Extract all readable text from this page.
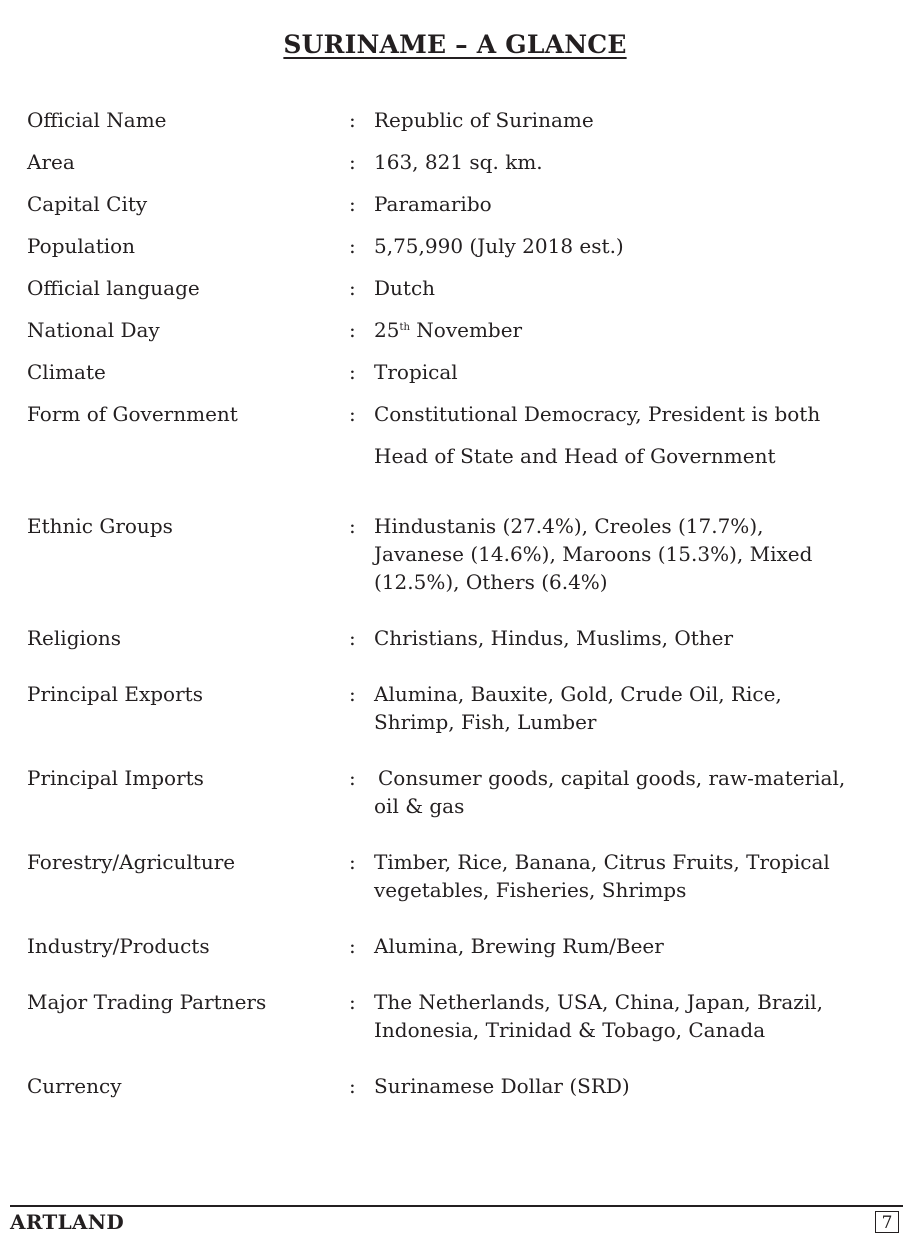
SURINAME – A GLANCE
Official Name	: Republic of Suriname
Area	: 163, 821 sq. km.
Capital City	: Paramaribo
Population	: 5,75,990 (July 2018 est.)
Official language	: Dutch
National Day	: 25th November
Climate	: Tropical
Form of Government	: Constitutional Democracy, President is both
Head of State and Head of Government
Ethnic Groups	: Hindustanis (27.4%), Creoles (17.7%),
Javanese (14.6%), Maroons (15.3%), Mixed
(12.5%), Others (6.4%)
Religions	: Christians, Hindus, Muslims, Other
Principal Exports	: Alumina, Bauxite, Gold, Crude Oil, Rice,
Shrimp, Fish, Lumber
Principal Imports	: Consumer goods, capital goods, raw-material,
oil & gas
Forestry/Agriculture	: Timber, Rice, Banana, Citrus Fruits, Tropical
vegetables, Fisheries, Shrimps
Industry/Products	: Alumina, Brewing Rum/Beer
Major Trading Partners	: The Netherlands, USA, China, Japan, Brazil,
Indonesia, Trinidad & Tobago, Canada
Currency	: Surinamese Dollar (SRD)
ARTLAND	7
